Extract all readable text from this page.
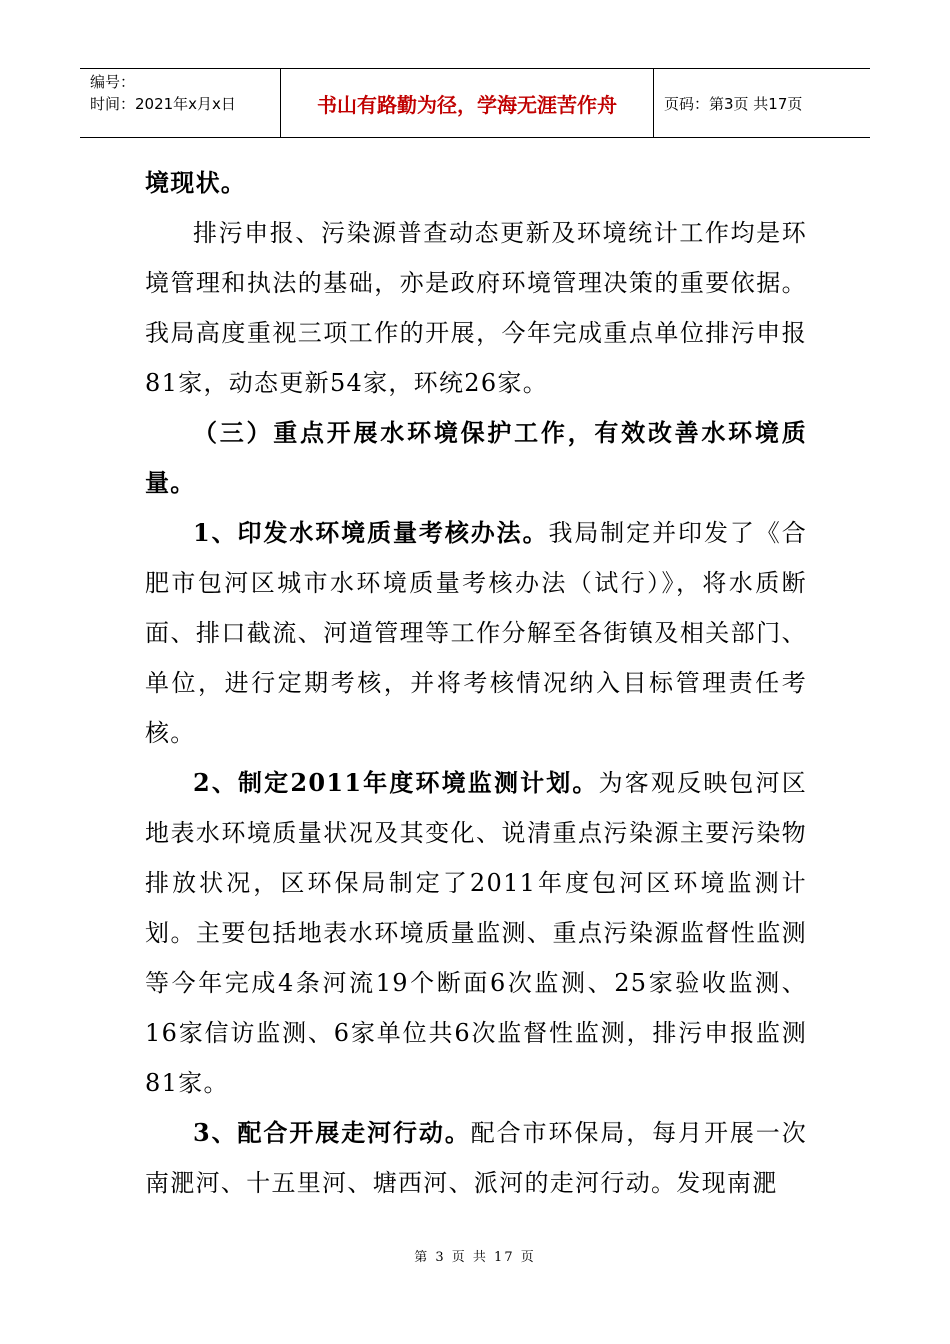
编号：
时间：2021年x月x日	书山有路勤为径，学海无涯苦作舟	页码：第3页 共17页

境现状。

排污申报、污染源普查动态更新及环境统计工作均是环境管理和执法的基础，亦是政府环境管理决策的重要依据。我局高度重视三项工作的开展，今年完成重点单位排污申报81家，动态更新54家，环统26家。

（三）重点开展水环境保护工作，有效改善水环境质量。

1、印发水环境质量考核办法。我局制定并印发了《合肥市包河区城市水环境质量考核办法（试行）》，将水质断面、排口截流、河道管理等工作分解至各街镇及相关部门、单位，进行定期考核，并将考核情况纳入目标管理责任考核。

2、制定2011年度环境监测计划。为客观反映包河区地表水环境质量状况及其变化、说清重点污染源主要污染物排放状况，区环保局制定了2011年度包河区环境监测计划。主要包括地表水环境质量监测、重点污染源监督性监测等今年完成4条河流19个断面6次监测、25家验收监测、16家信访监测、6家单位共6次监督性监测，排污申报监测81家。

3、配合开展走河行动。配合市环保局，每月开展一次南淝河、十五里河、塘西河、派河的走河行动。发现南淝

第 3 页 共 17 页
